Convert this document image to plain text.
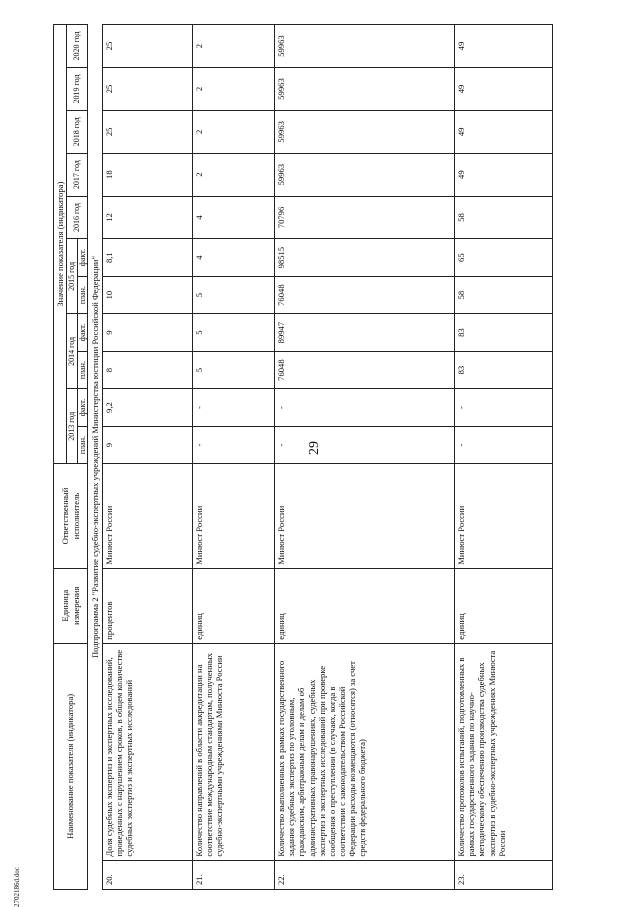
29
2702186d.doc
Наименование показателя (индикатора)		Единица измерения	Ответственный исполнитель	Значение показателя (индикатора)										
				2013 год		2014 год		2015 год		2016 год	2017 год	2018 год	2019 год	2020 год
				план.	факт.	план.	факт.	план.	факт.					
Подпрограмма 2 "Развитие судебно-экспертных учреждений Министерства юстиции Российской Федерации"														
20.	Доля судебных экспертиз и экспертных исследований, проведенных с нарушением сроков, в общем количестве судебных экспертиз и экспертных исследований	процентов	Минюст России	9	9,2	8	9	10	8,1	12	18	25	25	25
21.	Количество направлений в области аккредитации на соответствие международным стандартам, полученных судебно-экспертными учреждениями Минюста России	единиц	Минюст России	-	-	5	5	5	4	4	2	2	2	2
22.	Количество выполненных в рамках государственного задания судебных экспертиз по уголовным, гражданским, арбитражным делам и делам об административных правонарушениях, судебных экспертиз и экспертных исследований при проверке сообщения о преступлении (в случаях, когда в соответствии с законодательством Российской Федерации расходы возмещаются (относятся) за счет средств федерального бюджета)	единиц	Минюст России	-	-	76048	89947	76048	98515	70796	59963	59963	59963	59963
23.	Количество протоколов испытаний, подготовленных в рамках государственного задания по научно-методическому обеспечению производства судебных экспертиз в судебно-экспертных учреждениях Минюста России	единиц	Минюст России	-	-	83	83	58	65	58	49	49	49	49
